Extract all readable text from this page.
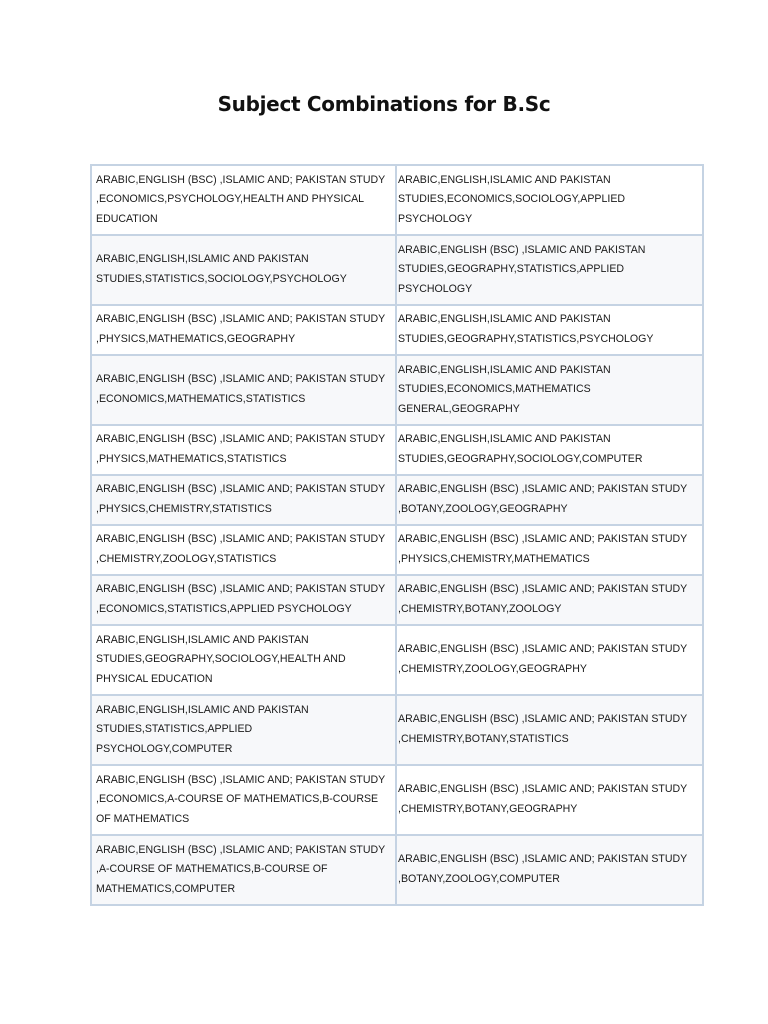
Subject Combinations for B.Sc
ARABIC,ENGLISH (BSC) ,ISLAMIC AND; PAKISTAN STUDY ,ECONOMICS,PSYCHOLOGY,HEALTH AND PHYSICAL EDUCATION	ARABIC,ENGLISH,ISLAMIC AND PAKISTAN STUDIES,ECONOMICS,SOCIOLOGY,APPLIED PSYCHOLOGY
ARABIC,ENGLISH,ISLAMIC AND PAKISTAN STUDIES,STATISTICS,SOCIOLOGY,PSYCHOLOGY	ARABIC,ENGLISH (BSC) ,ISLAMIC AND PAKISTAN STUDIES,GEOGRAPHY,STATISTICS,APPLIED PSYCHOLOGY
ARABIC,ENGLISH (BSC) ,ISLAMIC AND; PAKISTAN STUDY ,PHYSICS,MATHEMATICS,GEOGRAPHY	ARABIC,ENGLISH,ISLAMIC AND PAKISTAN STUDIES,GEOGRAPHY,STATISTICS,PSYCHOLOGY
ARABIC,ENGLISH (BSC) ,ISLAMIC AND; PAKISTAN STUDY ,ECONOMICS,MATHEMATICS,STATISTICS	ARABIC,ENGLISH,ISLAMIC AND PAKISTAN STUDIES,ECONOMICS,MATHEMATICS GENERAL,GEOGRAPHY
ARABIC,ENGLISH (BSC) ,ISLAMIC AND; PAKISTAN STUDY ,PHYSICS,MATHEMATICS,STATISTICS	ARABIC,ENGLISH,ISLAMIC AND PAKISTAN STUDIES,GEOGRAPHY,SOCIOLOGY,COMPUTER
ARABIC,ENGLISH (BSC) ,ISLAMIC AND; PAKISTAN STUDY ,PHYSICS,CHEMISTRY,STATISTICS	ARABIC,ENGLISH (BSC) ,ISLAMIC AND; PAKISTAN STUDY ,BOTANY,ZOOLOGY,GEOGRAPHY
ARABIC,ENGLISH (BSC) ,ISLAMIC AND; PAKISTAN STUDY ,CHEMISTRY,ZOOLOGY,STATISTICS	ARABIC,ENGLISH (BSC) ,ISLAMIC AND; PAKISTAN STUDY ,PHYSICS,CHEMISTRY,MATHEMATICS
ARABIC,ENGLISH (BSC) ,ISLAMIC AND; PAKISTAN STUDY ,ECONOMICS,STATISTICS,APPLIED PSYCHOLOGY	ARABIC,ENGLISH (BSC) ,ISLAMIC AND; PAKISTAN STUDY ,CHEMISTRY,BOTANY,ZOOLOGY
ARABIC,ENGLISH,ISLAMIC AND PAKISTAN STUDIES,GEOGRAPHY,SOCIOLOGY,HEALTH AND PHYSICAL EDUCATION	ARABIC,ENGLISH (BSC) ,ISLAMIC AND; PAKISTAN STUDY ,CHEMISTRY,ZOOLOGY,GEOGRAPHY
ARABIC,ENGLISH,ISLAMIC AND PAKISTAN STUDIES,STATISTICS,APPLIED PSYCHOLOGY,COMPUTER	ARABIC,ENGLISH (BSC) ,ISLAMIC AND; PAKISTAN STUDY ,CHEMISTRY,BOTANY,STATISTICS
ARABIC,ENGLISH (BSC) ,ISLAMIC AND; PAKISTAN STUDY ,ECONOMICS,A-COURSE OF MATHEMATICS,B-COURSE OF MATHEMATICS	ARABIC,ENGLISH (BSC) ,ISLAMIC AND; PAKISTAN STUDY ,CHEMISTRY,BOTANY,GEOGRAPHY
ARABIC,ENGLISH (BSC) ,ISLAMIC AND; PAKISTAN STUDY ,A-COURSE OF MATHEMATICS,B-COURSE OF MATHEMATICS,COMPUTER	ARABIC,ENGLISH (BSC) ,ISLAMIC AND; PAKISTAN STUDY ,BOTANY,ZOOLOGY,COMPUTER
